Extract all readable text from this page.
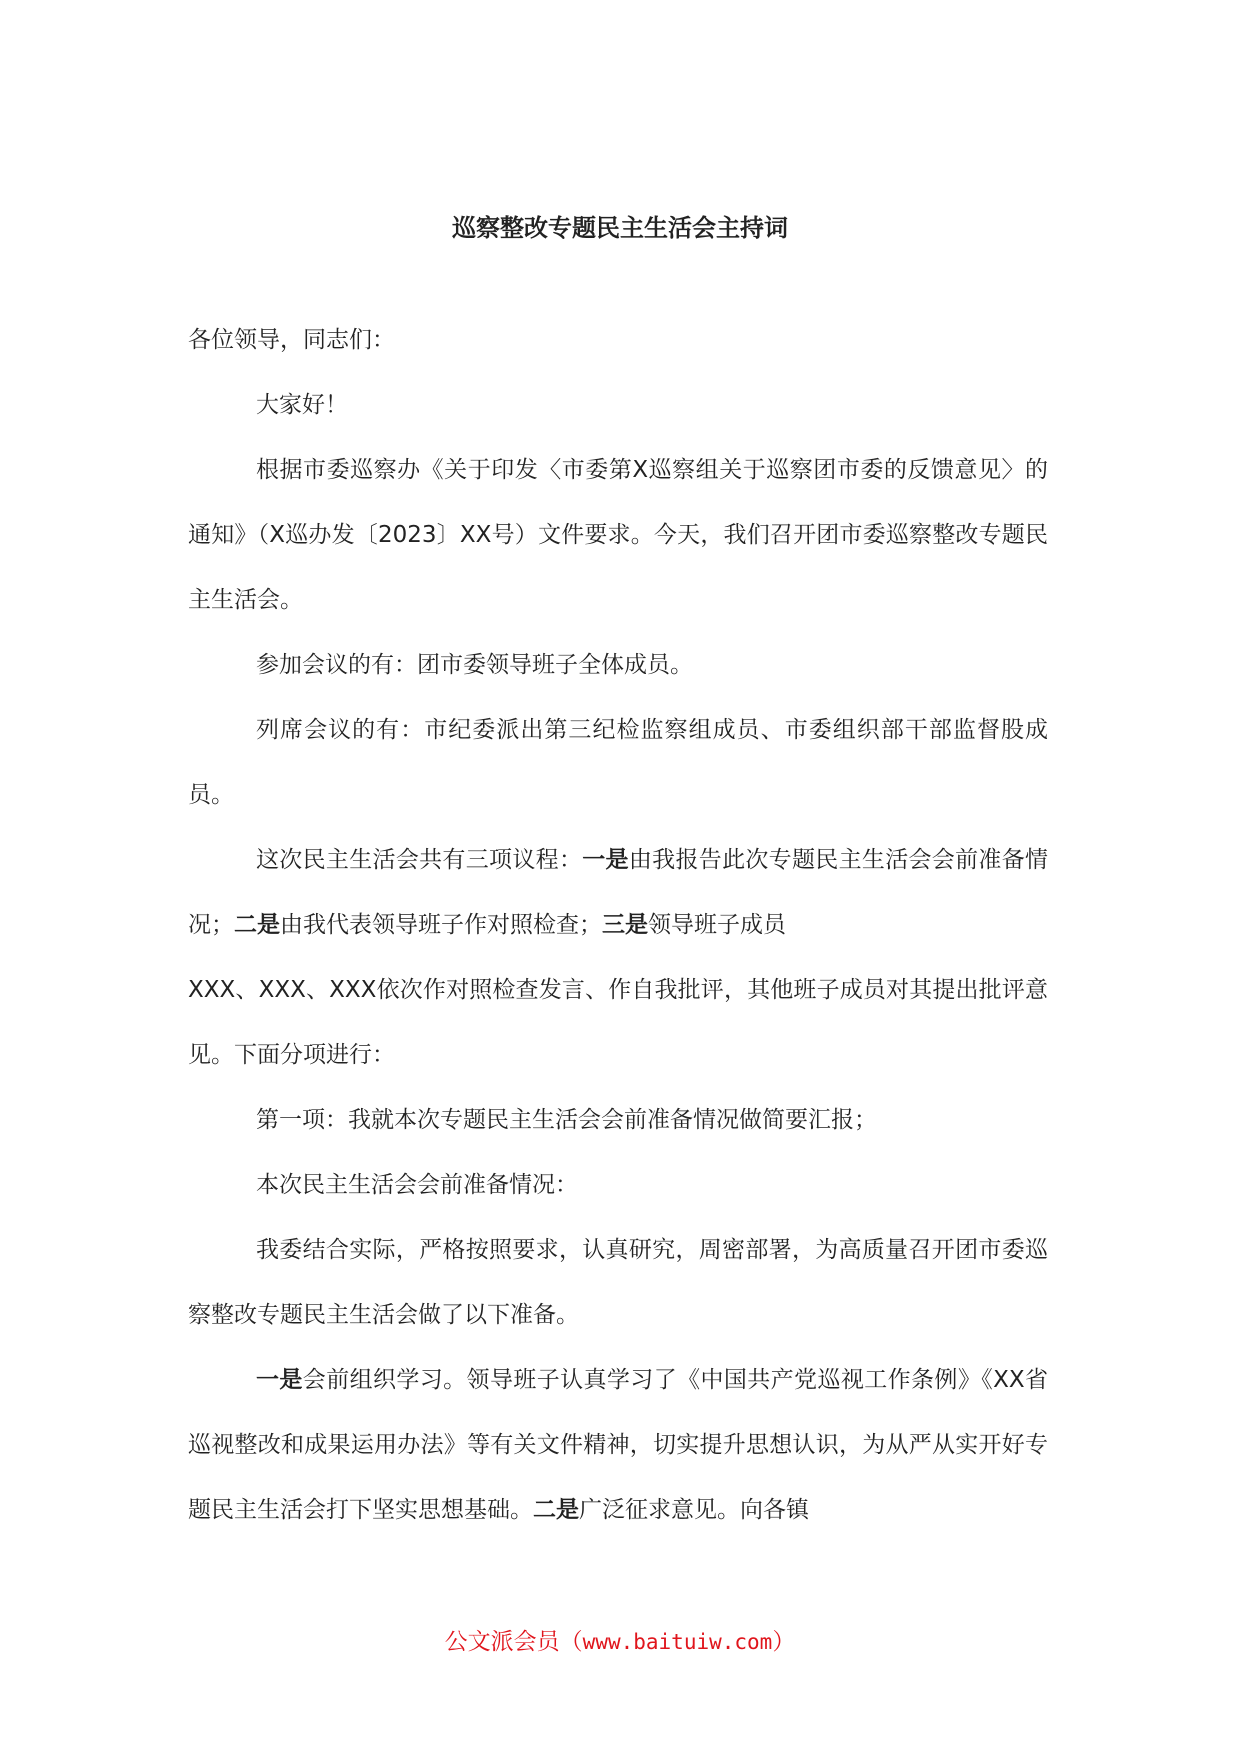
巡察整改专题民主生活会主持词

各位领导，同志们：

大家好！

根据市委巡察办《关于印发〈市委第X巡察组关于巡察团市委的反馈意见〉的通知》（X巡办发〔2023〕XX号）文件要求。今天，我们召开团市委巡察整改专题民主生活会。

参加会议的有：团市委领导班子全体成员。

列席会议的有：市纪委派出第三纪检监察组成员、市委组织部干部监督股成员。

这次民主生活会共有三项议程：一是由我报告此次专题民主生活会会前准备情况；二是由我代表领导班子作对照检查；三是领导班子成员
XXX、XXX、XXX依次作对照检查发言、作自我批评，其他班子成员对其提出批评意见。下面分项进行：

第一项：我就本次专题民主生活会会前准备情况做简要汇报；

本次民主生活会会前准备情况：

我委结合实际，严格按照要求，认真研究，周密部署，为高质量召开团市委巡察整改专题民主生活会做了以下准备。

一是会前组织学习。领导班子认真学习了《中国共产党巡视工作条例》《XX省巡视整改和成果运用办法》等有关文件精神，切实提升思想认识，为从严从实开好专题民主生活会打下坚实思想基础。二是广泛征求意见。向各镇

公文派会员（www.baituiw.com）
